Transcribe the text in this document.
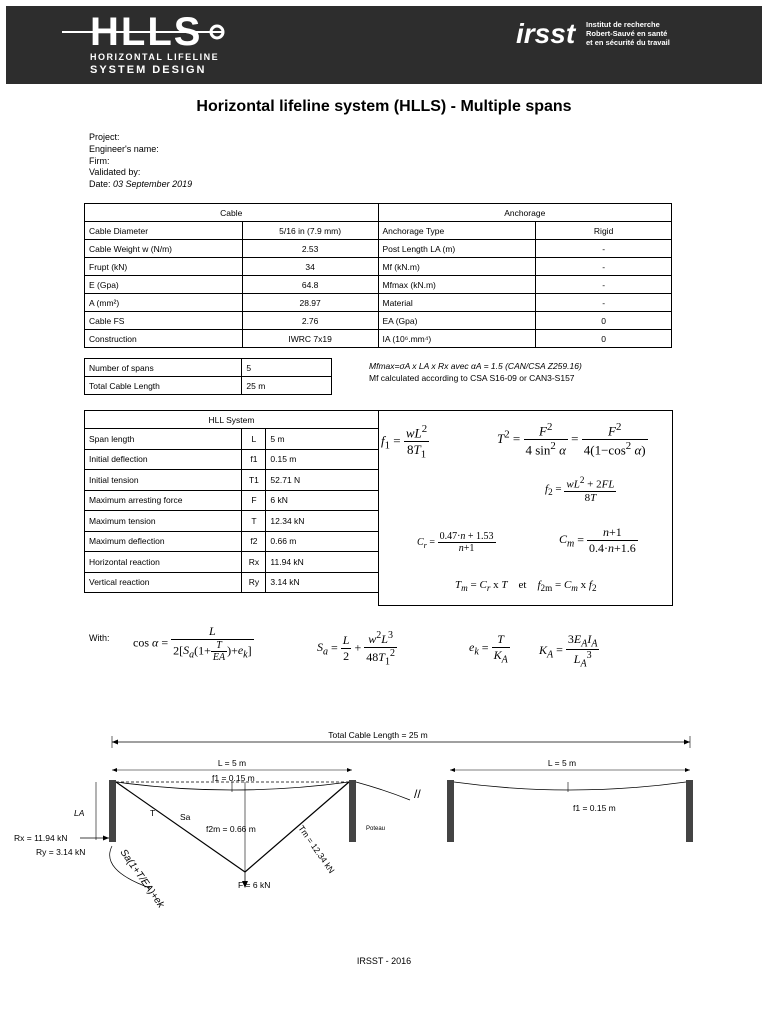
HLLS
HORIZONTAL LIFELINE
SYSTEM DESIGN
irsst Institut de recherche
Robert-Sauvé en santé
et en sécurité du travail
Horizontal lifeline system (HLLS) - Multiple spans
Project:
Engineer's name:
Firm:
Validated by:
Date: 03 September 2019
Cable		Anchorage	
Cable Diameter	5/16 in (7.9 mm)	Anchorage Type	Rigid
Cable Weight w (N/m)	2.53	Post Length LA (m)	-
Frupt (kN)	34	Mf (kN.m)	-
E (Gpa)	64.8	Mfmax (kN.m)	-
A (mm²)	28.97	Material	-
Cable FS	2.76	EA (Gpa)	0
Construction	IWRC 7x19	IA (10⁶.mm⁴)	0
Number of spans	5
Total Cable Length	25 m
Mfmax=σA x LA x Rx avec αA = 1.5 (CAN/CSA Z259.16)
Mf calculated according to CSA S16-09 or CAN3-S157
HLL System		
Span length	L	5 m
Initial deflection	f1	0.15 m
Initial tension	T1	52.71 N
Maximum arresting force	F	6 kN
Maximum tension	T	12.34 kN
Maximum deflection	f2	0.66 m
Horizontal reaction	Rx	11.94 kN
Vertical reaction	Ry	3.14 kN
$f_1 = \frac{wL^2}{8T_1}$	$T^2 = \frac{F^2}{4 \sin^2 \alpha} = \frac{F^2}{4(1-\cos^2 \alpha)}$
$f_2 = \frac{wL^2 + 2FL}{8T}$
$C_r = \frac{0.47\cdot n + 1.53}{n+1}$	$C_m = \frac{n+1}{0.4\cdot n+1.6}$
$T_m = C_r$ x T    et    $f_{2m} = C_m$ x $f_2$
With: $\cos \alpha = \frac{L}{2[S_a(1+ \frac{T}{EA} )+e_k]}$	$S_a = \frac{L}{2} + \frac{w^2L^3}{48T_1^2}$	$e_k = \frac{T}{K_A} K_A = \frac{3E_AI_A}{L_A^3}$
Total Cable Length = 25 m
L = 5 m	L = 5 m
f1 = 0.15 m
f2m = 0.66 m
T	Sa
Tm = 12.34 kN
F = 6 kN
//
f1 = 0.15 m
Poteau
LA
Rx = 11.94 kN
Ry = 3.14 kN	Sa(1+T/EA)+ek
IRSST - 2016
